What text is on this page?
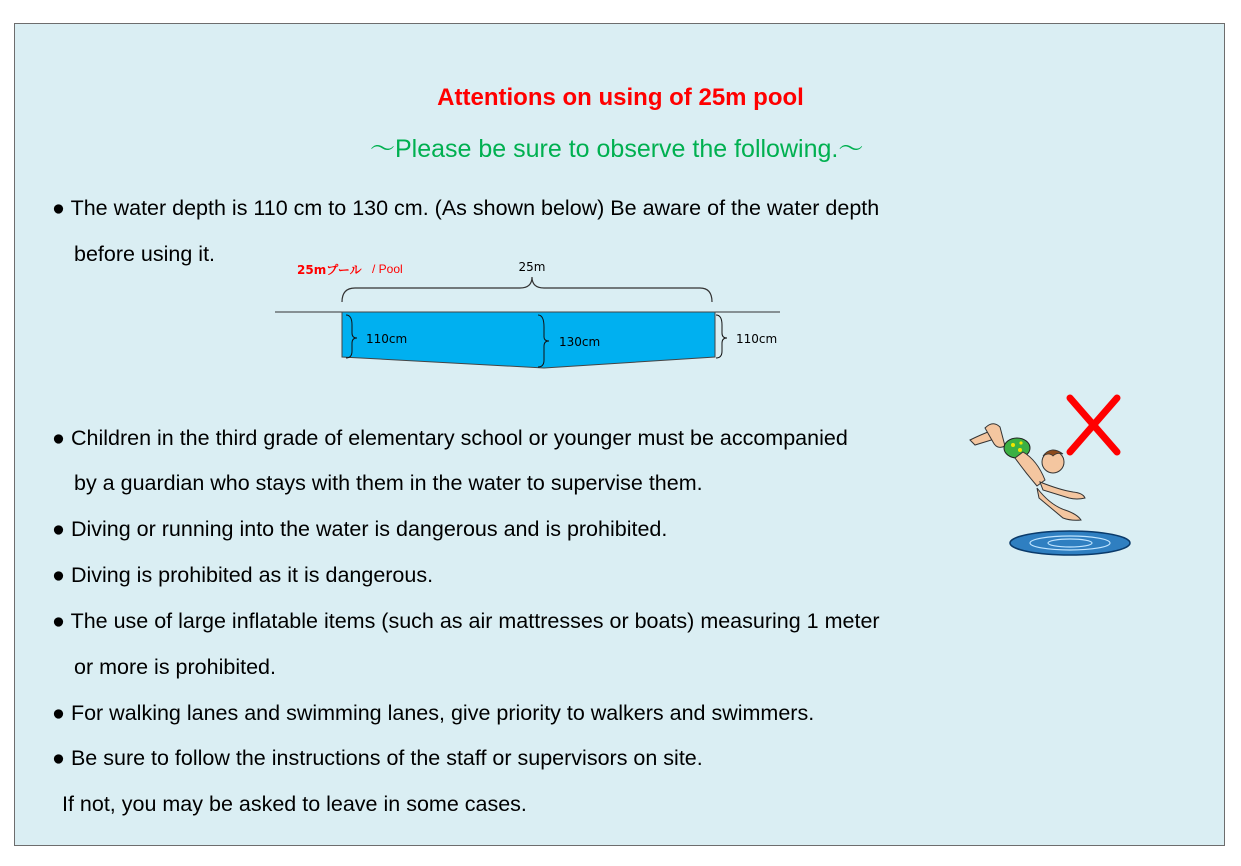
Attentions on using of 25m pool
～Please be sure to observe the following.～
● The water depth is 110 cm to 130 cm. (As shown below) Be aware of the water depth
before using it.
25m
25mプール / Pool
110cm	130cm	110cm
● Children in the third grade of elementary school or younger must be accompanied
by a guardian who stays with them in the water to supervise them.
● Diving or running into the water is dangerous and is prohibited.
● Diving is prohibited as it is dangerous.
● The use of large inflatable items (such as air mattresses or boats) measuring 1 meter
or more is prohibited.
● For walking lanes and swimming lanes, give priority to walkers and swimmers.
● Be sure to follow the instructions of the staff or supervisors on site.
If not, you may be asked to leave in some cases.
